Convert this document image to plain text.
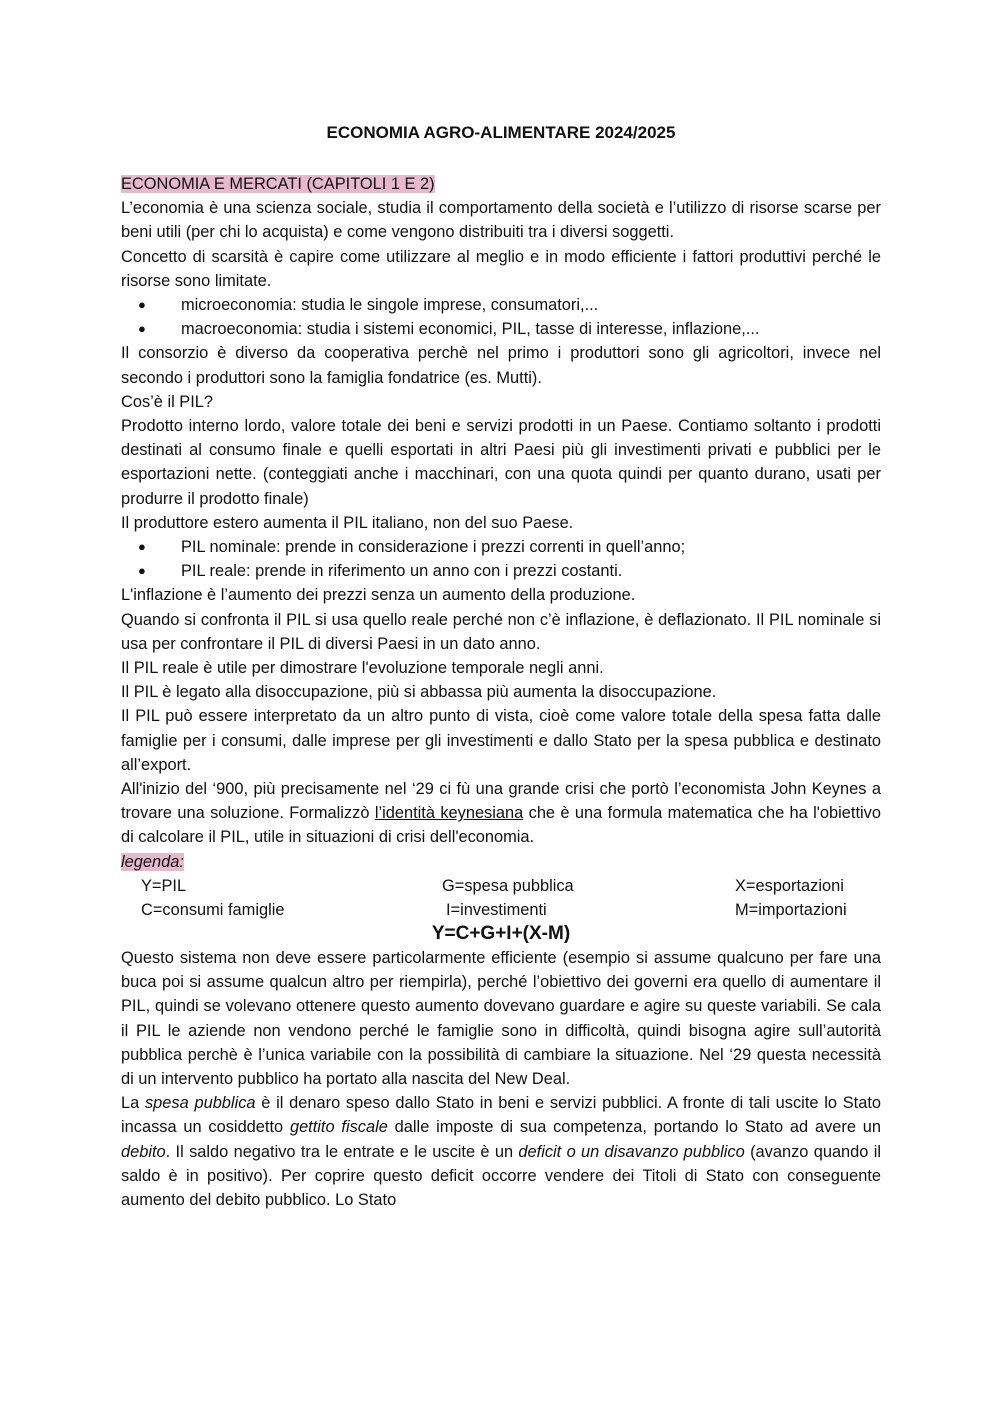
ECONOMIA AGRO-ALIMENTARE 2024/2025

ECONOMIA E MERCATI (CAPITOLI 1 E 2)

L’economia è una scienza sociale, studia il comportamento della società e l’utilizzo di risorse scarse per beni utili (per chi lo acquista) e come vengono distribuiti tra i diversi soggetti.

Concetto di scarsità è capire come utilizzare al meglio e in modo efficiente i fattori produttivi perché le risorse sono limitate.

● microeconomia: studia le singole imprese, consumatori,...
● macroeconomia: studia i sistemi economici, PIL, tasse di interesse, inflazione,...

Il consorzio è diverso da cooperativa perchè nel primo i produttori sono gli agricoltori, invece nel secondo i produttori sono la famiglia fondatrice (es. Mutti).

Cos’è il PIL?

Prodotto interno lordo, valore totale dei beni e servizi prodotti in un Paese. Contiamo soltanto i prodotti destinati al consumo finale e quelli esportati in altri Paesi più gli investimenti privati e pubblici per le esportazioni nette. (conteggiati anche i macchinari, con una quota quindi per quanto durano, usati per produrre il prodotto finale)

Il produttore estero aumenta il PIL italiano, non del suo Paese.

● PIL nominale: prende in considerazione i prezzi correnti in quell’anno;
● PIL reale: prende in riferimento un anno con i prezzi costanti.

L'inflazione è l’aumento dei prezzi senza un aumento della produzione.

Quando si confronta il PIL si usa quello reale perché non c’è inflazione, è deflazionato. Il PIL nominale si usa per confrontare il PIL di diversi Paesi in un dato anno.

Il PIL reale è utile per dimostrare l'evoluzione temporale negli anni.

Il PIL è legato alla disoccupazione, più si abbassa più aumenta la disoccupazione.

Il PIL può essere interpretato da un altro punto di vista, cioè come valore totale della spesa fatta dalle famiglie per i consumi, dalle imprese per gli investimenti e dallo Stato per la spesa pubblica e destinato all’export.

All'inizio del ‘900, più precisamente nel ‘29 ci fù una grande crisi che portò l’economista John Keynes a trovare una soluzione. Formalizzò l’identità keynesiana che è una formula matematica che ha l'obiettivo di calcolare il PIL, utile in situazioni di crisi dell'economia.

legenda:

Y=PIL	G=spesa pubblica	X=esportazioni
C=consumi famiglie	I=investimenti	M=importazioni

Y=C+G+I+(X-M)

Questo sistema non deve essere particolarmente efficiente (esempio si assume qualcuno per fare una buca poi si assume qualcun altro per riempirla), perché l’obiettivo dei governi era quello di aumentare il PIL, quindi se volevano ottenere questo aumento dovevano guardare e agire su queste variabili. Se cala il PIL le aziende non vendono perché le famiglie sono in difficoltà, quindi bisogna agire sull’autorità pubblica perchè è l’unica variabile con la possibilità di cambiare la situazione. Nel ‘29 questa necessità di un intervento pubblico ha portato alla nascita del New Deal.

La spesa pubblica è il denaro speso dallo Stato in beni e servizi pubblici. A fronte di tali uscite lo Stato incassa un cosiddetto gettito fiscale dalle imposte di sua competenza, portando lo Stato ad avere un debito. Il saldo negativo tra le entrate e le uscite è un deficit o un disavanzo pubblico (avanzo quando il saldo è in positivo). Per coprire questo deficit occorre vendere dei Titoli di Stato con conseguente aumento del debito pubblico. Lo Stato
